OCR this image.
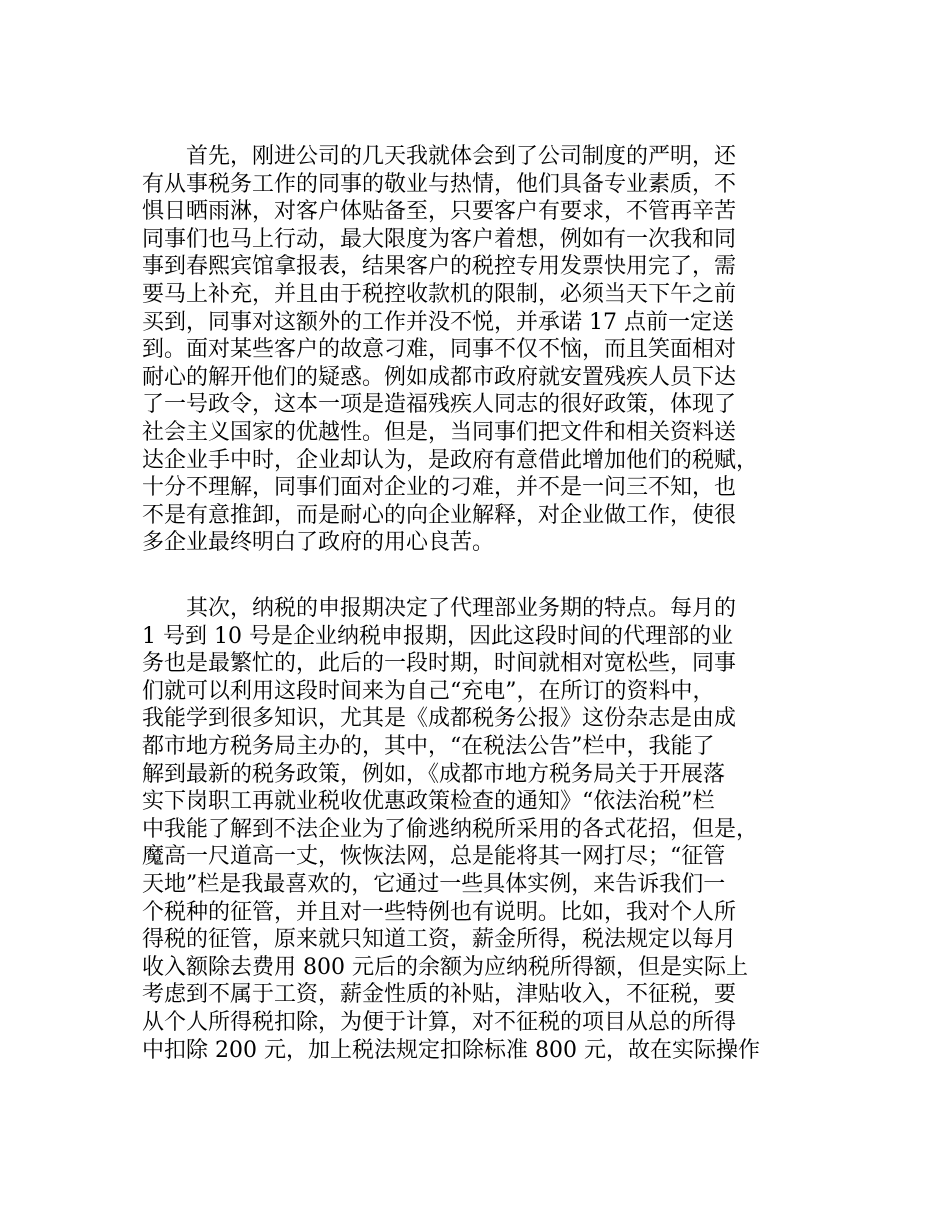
　　首先，刚进公司的几天我就体会到了公司制度的严明，还
有从事税务工作的同事的敬业与热情，他们具备专业素质，不
惧日晒雨淋，对客户体贴备至，只要客户有要求，不管再辛苦
同事们也马上行动，最大限度为客户着想，例如有一次我和同
事到春熙宾馆拿报表，结果客户的税控专用发票快用完了，需
要马上补充，并且由于税控收款机的限制，必须当天下午之前
买到，同事对这额外的工作并没不悦，并承诺 17 点前一定送
到。面对某些客户的故意刁难，同事不仅不恼，而且笑面相对
耐心的解开他们的疑惑。例如成都市政府就安置残疾人员下达
了一号政令，这本一项是造福残疾人同志的很好政策，体现了
社会主义国家的优越性。但是，当同事们把文件和相关资料送
达企业手中时，企业却认为，是政府有意借此增加他们的税赋，
十分不理解，同事们面对企业的刁难，并不是一问三不知，也
不是有意推卸，而是耐心的向企业解释，对企业做工作，使很
多企业最终明白了政府的用心良苦。
　　其次，纳税的申报期决定了代理部业务期的特点。每月的
1 号到 10 号是企业纳税申报期，因此这段时间的代理部的业
务也是最繁忙的，此后的一段时期，时间就相对宽松些，同事
们就可以利用这段时间来为自己“充电”，在所订的资料中，
我能学到很多知识，尤其是《成都税务公报》这份杂志是由成
都市地方税务局主办的，其中，“在税法公告”栏中，我能了
解到最新的税务政策，例如，《成都市地方税务局关于开展落
实下岗职工再就业税收优惠政策检查的通知》“依法治税”栏
中我能了解到不法企业为了偷逃纳税所采用的各式花招，但是，
魔高一尺道高一丈，恢恢法网，总是能将其一网打尽；“征管
天地”栏是我最喜欢的，它通过一些具体实例，来告诉我们一
个税种的征管，并且对一些特例也有说明。比如，我对个人所
得税的征管，原来就只知道工资，薪金所得，税法规定以每月
收入额除去费用 800 元后的余额为应纳税所得额，但是实际上
考虑到不属于工资，薪金性质的补贴，津贴收入，不征税，要
从个人所得税扣除，为便于计算，对不征税的项目从总的所得
中扣除 200 元，加上税法规定扣除标准 800 元，故在实际操作
